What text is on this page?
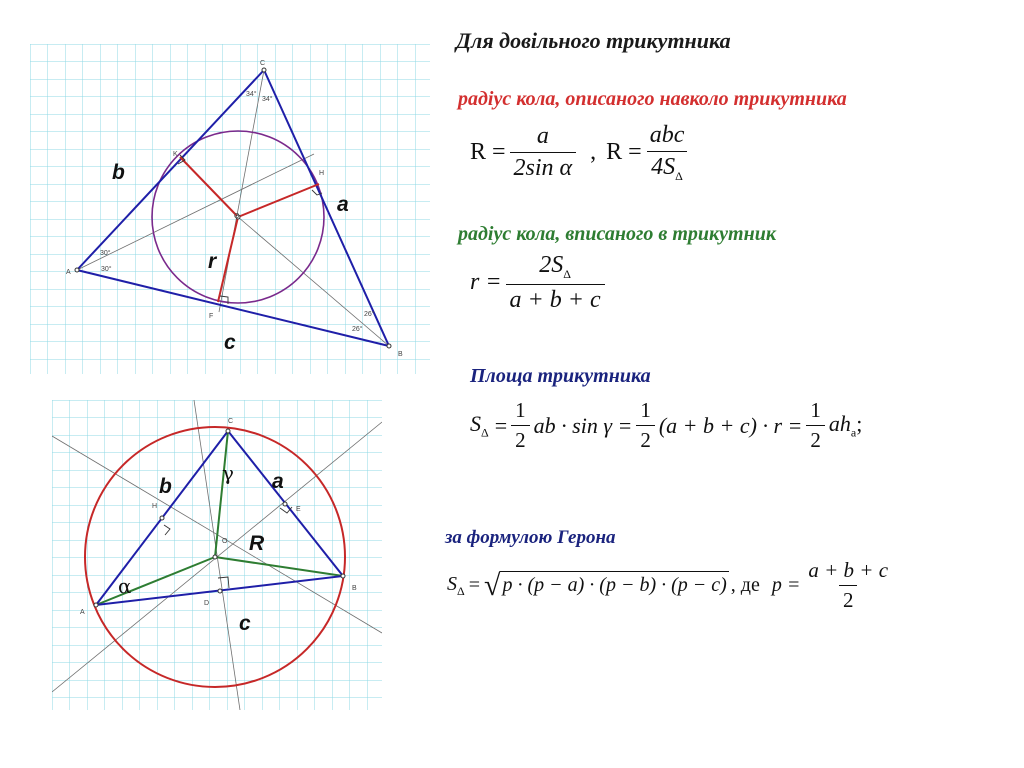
C
K
H
A
F
B
O
34°
34°
30°
30°
26°
26°
b
a
r
c
C
H	E
O
A
D
B
b	a
R
c
α
γ

Для довільного трикутника

радіус кола, описаного навколо трикутника

$R = \frac{a}{\text{2sin α}}$ , $R = \frac{\text{abc}}{4S_\Delta}$

радіус кола, вписаного в трикутник

$r = \frac{2S_\Delta}{a + b + c}$

Площа трикутника

$S_\Delta = \frac{1}{2}$ ab · $\sin \gamma = \frac{1}{2} (a + b + c) \cdot r = \frac{1}{2} ah_a$;

за формулою Герона

$S_\Delta$ = √ p · (p − a) · (p − b) · (p − c) , де $p = \frac{a + b + c}{2}$
